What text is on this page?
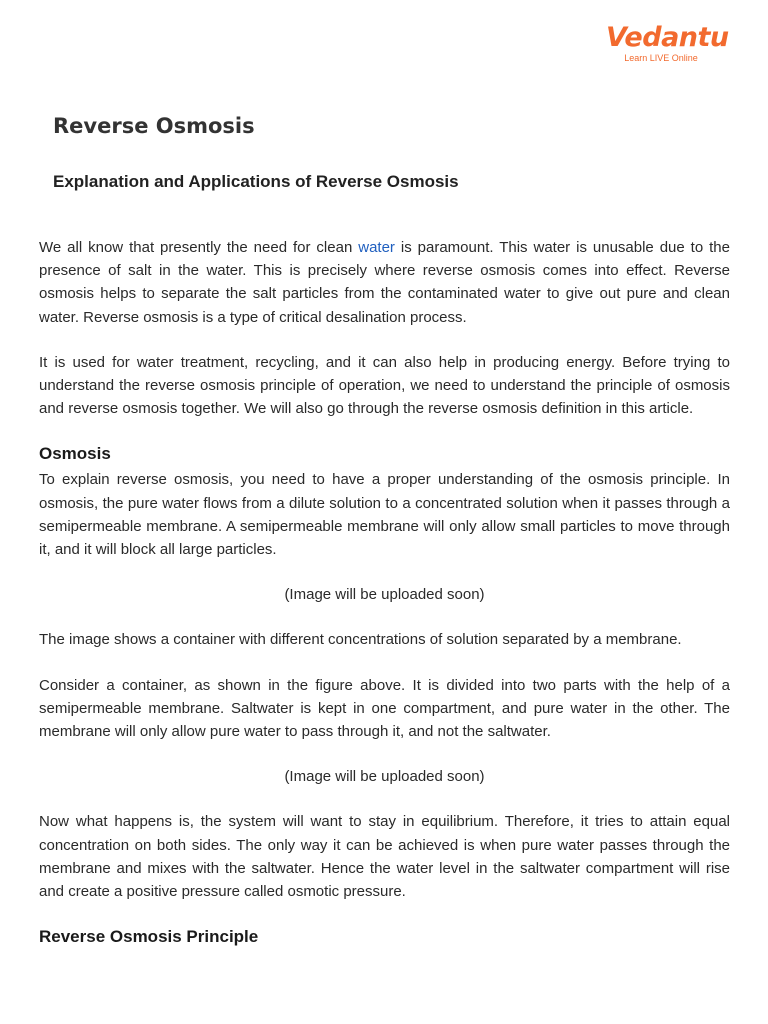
Vedantu
Learn LIVE Online
Reverse Osmosis
Explanation and Applications of Reverse Osmosis

We all know that presently the need for clean water is paramount. This water is unusable due to the presence of salt in the water. This is precisely where reverse osmosis comes into effect. Reverse osmosis helps to separate the salt particles from the contaminated water to give out pure and clean water. Reverse osmosis is a type of critical desalination process.

It is used for water treatment, recycling, and it can also help in producing energy. Before trying to understand the reverse osmosis principle of operation, we need to understand the principle of osmosis and reverse osmosis together. We will also go through the reverse osmosis definition in this article.

Osmosis

To explain reverse osmosis, you need to have a proper understanding of the osmosis principle. In osmosis, the pure water flows from a dilute solution to a concentrated solution when it passes through a semipermeable membrane. A semipermeable membrane will only allow small particles to move through it, and it will block all large particles.

(Image will be uploaded soon)

The image shows a container with different concentrations of solution separated by a membrane.

Consider a container, as shown in the figure above. It is divided into two parts with the help of a semipermeable membrane. Saltwater is kept in one compartment, and pure water in the other. The membrane will only allow pure water to pass through it, and not the saltwater.

(Image will be uploaded soon)

Now what happens is, the system will want to stay in equilibrium. Therefore, it tries to attain equal concentration on both sides. The only way it can be achieved is when pure water passes through the membrane and mixes with the saltwater. Hence the water level in the saltwater compartment will rise and create a positive pressure called osmotic pressure.

Reverse Osmosis Principle
